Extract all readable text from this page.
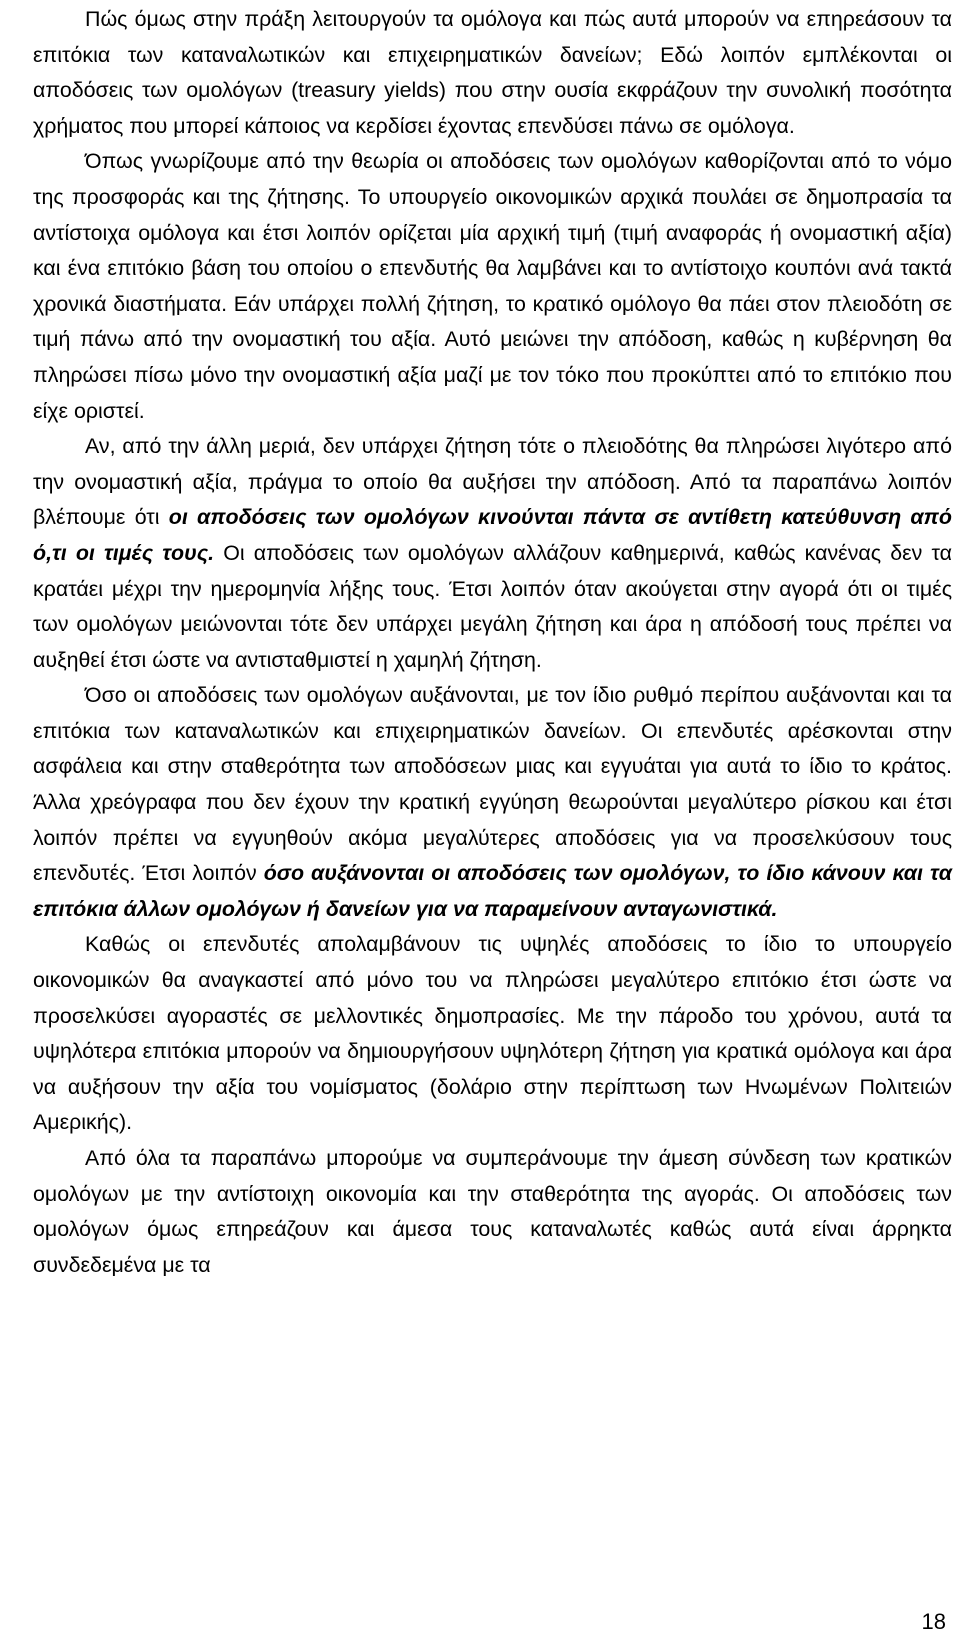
Πώς όμως στην πράξη λειτουργούν τα ομόλογα και πώς αυτά μπορούν να επηρεάσουν τα επιτόκια των καταναλωτικών και επιχειρηματικών δανείων; Εδώ λοιπόν εμπλέκονται οι αποδόσεις των ομολόγων (treasury yields) που στην ουσία εκφράζουν την συνολική ποσότητα χρήματος που μπορεί κάποιος να κερδίσει έχοντας επενδύσει πάνω σε ομόλογα.

Όπως γνωρίζουμε από την θεωρία οι αποδόσεις των ομολόγων καθορίζονται από το νόμο της προσφοράς και της ζήτησης. Το υπουργείο οικονομικών αρχικά πουλάει σε δημοπρασία τα αντίστοιχα ομόλογα και έτσι λοιπόν ορίζεται μία αρχική τιμή (τιμή αναφοράς ή ονομαστική αξία) και ένα επιτόκιο βάση του οποίου ο επενδυτής θα λαμβάνει και το αντίστοιχο κουπόνι ανά τακτά χρονικά διαστήματα. Εάν υπάρχει πολλή ζήτηση, το κρατικό ομόλογο θα πάει στον πλειοδότη σε τιμή πάνω από την ονομαστική του αξία. Αυτό μειώνει την απόδοση, καθώς η κυβέρνηση θα πληρώσει πίσω μόνο την ονομαστική αξία μαζί με τον τόκο που προκύπτει από το επιτόκιο που είχε οριστεί.

Αν, από την άλλη μεριά, δεν υπάρχει ζήτηση τότε ο πλειοδότης θα πληρώσει λιγότερο από την ονομαστική αξία, πράγμα το οποίο θα αυξήσει την απόδοση. Από τα παραπάνω λοιπόν βλέπουμε ότι οι αποδόσεις των ομολόγων κινούνται πάντα σε αντίθετη κατεύθυνση από ό,τι οι τιμές τους. Οι αποδόσεις των ομολόγων αλλάζουν καθημερινά, καθώς κανένας δεν τα κρατάει μέχρι την ημερομηνία λήξης τους. Έτσι λοιπόν όταν ακούγεται στην αγορά ότι οι τιμές των ομολόγων μειώνονται τότε δεν υπάρχει μεγάλη ζήτηση και άρα η απόδοσή τους πρέπει να αυξηθεί έτσι ώστε να αντισταθμιστεί η χαμηλή ζήτηση.

Όσο οι αποδόσεις των ομολόγων αυξάνονται, με τον ίδιο ρυθμό περίπου αυξάνονται και τα επιτόκια των καταναλωτικών και επιχειρηματικών δανείων. Οι επενδυτές αρέσκονται στην ασφάλεια και στην σταθερότητα των αποδόσεων μιας και εγγυάται για αυτά το ίδιο το κράτος. Άλλα χρεόγραφα που δεν έχουν την κρατική εγγύηση θεωρούνται μεγαλύτερο ρίσκου και έτσι λοιπόν πρέπει να εγγυηθούν ακόμα μεγαλύτερες αποδόσεις για να προσελκύσουν τους επενδυτές. Έτσι λοιπόν όσο αυξάνονται οι αποδόσεις των ομολόγων, το ίδιο κάνουν και τα επιτόκια άλλων ομολόγων ή δανείων για να παραμείνουν ανταγωνιστικά.

Καθώς οι επενδυτές απολαμβάνουν τις υψηλές αποδόσεις το ίδιο το υπουργείο οικονομικών θα αναγκαστεί από μόνο του να πληρώσει μεγαλύτερο επιτόκιο έτσι ώστε να προσελκύσει αγοραστές σε μελλοντικές δημοπρασίες. Με την πάροδο του χρόνου, αυτά τα υψηλότερα επιτόκια μπορούν να δημιουργήσουν υψηλότερη ζήτηση για κρατικά ομόλογα και άρα να αυξήσουν την αξία του νομίσματος (δολάριο στην περίπτωση των Ηνωμένων Πολιτειών Αμερικής).

Από όλα τα παραπάνω μπορούμε να συμπεράνουμε την άμεση σύνδεση των κρατικών ομολόγων με την αντίστοιχη οικονομία και την σταθερότητα της αγοράς. Οι αποδόσεις των ομολόγων όμως επηρεάζουν και άμεσα τους καταναλωτές καθώς αυτά είναι άρρηκτα συνδεδεμένα με τα

18
